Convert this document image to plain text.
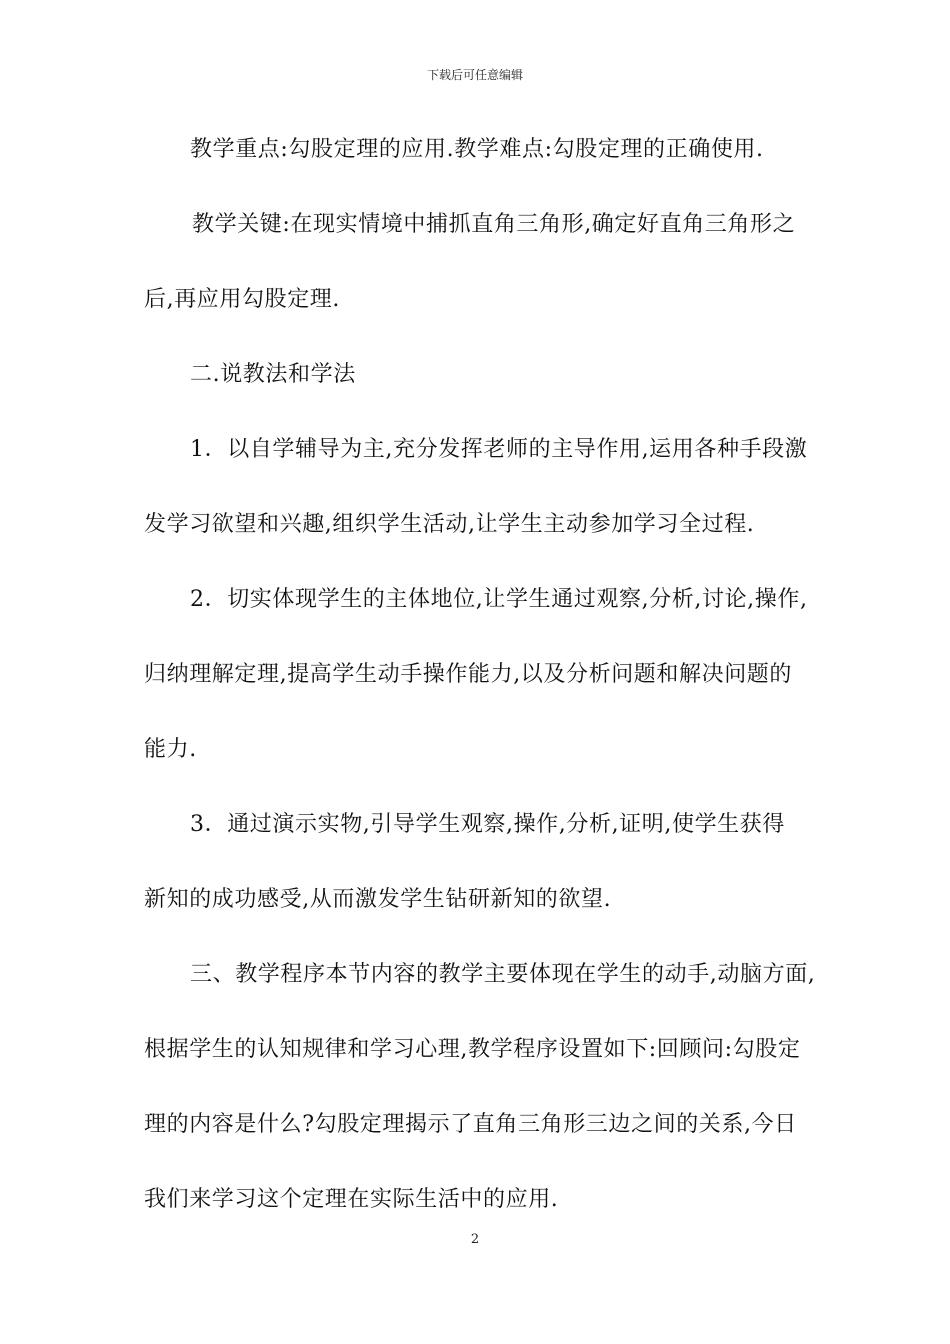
下载后可任意编辑
教学重点:勾股定理的应用.教学难点:勾股定理的正确使用.
教学关键:在现实情境中捕抓直角三角形,确定好直角三角形之
后,再应用勾股定理.
二.说教法和学法
1．以自学辅导为主,充分发挥老师的主导作用,运用各种手段激
发学习欲望和兴趣,组织学生活动,让学生主动参加学习全过程.
2．切实体现学生的主体地位,让学生通过观察,分析,讨论,操作,
归纳理解定理,提高学生动手操作能力,以及分析问题和解决问题的
能力.
3．通过演示实物,引导学生观察,操作,分析,证明,使学生获得
新知的成功感受,从而激发学生钻研新知的欲望.
三、教学程序本节内容的教学主要体现在学生的动手,动脑方面,
根据学生的认知规律和学习心理,教学程序设置如下:回顾问:勾股定
理的内容是什么?勾股定理揭示了直角三角形三边之间的关系,今日
我们来学习这个定理在实际生活中的应用.
2
